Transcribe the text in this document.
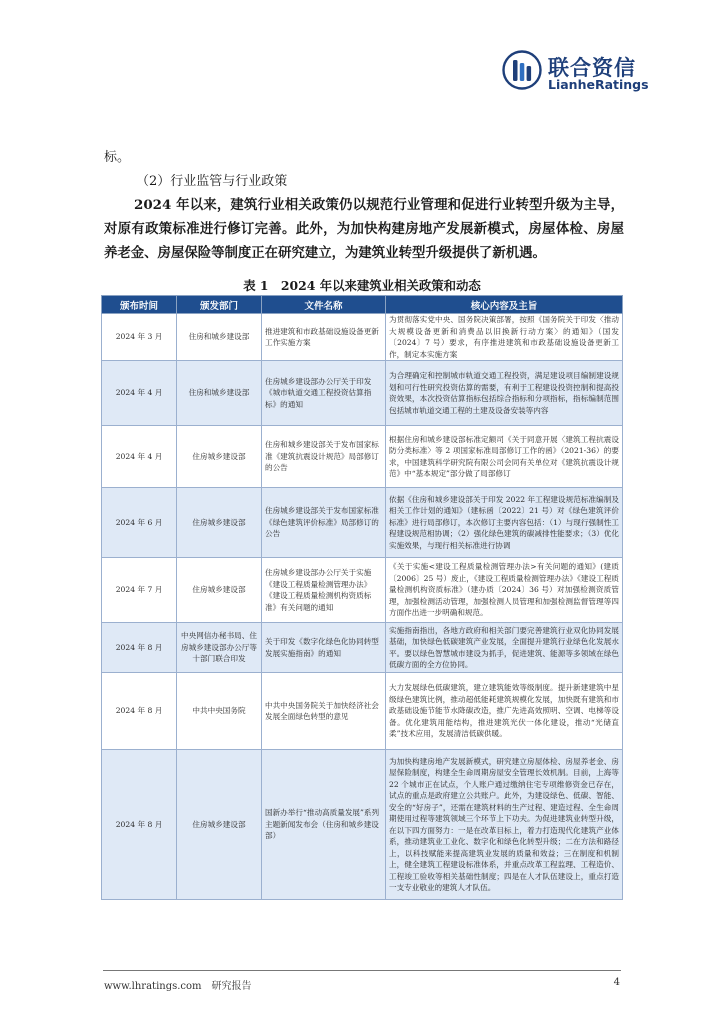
联合资信
LianheRatings
标。
（2）行业监管与行业政策
2024 年以来，建筑行业相关政策仍以规范行业管理和促进行业转型升级为主导，对原有政策标准进行修订完善。此外，为加快构建房地产发展新模式，房屋体检、房屋养老金、房屋保险等制度正在研究建立，为建筑业转型升级提供了新机遇。
表 1　2024 年以来建筑业相关政策和动态
颁布时间	颁发部门	文件名称	核心内容及主旨
2024 年 3 月	住房和城乡建设部	推进建筑和市政基础设施设备更新工作实施方案	为贯彻落实党中央、国务院决策部署，按照《国务院关于印发〈推动大规模设备更新和消费品以旧换新行动方案〉的通知》（国发〔2024〕7 号）要求，有序推进建筑和市政基础设施设备更新工作，制定本实施方案
2024 年 4 月	住房和城乡建设部	住房城乡建设部办公厅关于印发《城市轨道交通工程投资估算指标》的通知	为合理确定和控制城市轨道交通工程投资，满足建设项目编制建设规划和可行性研究投资估算的需要，有利于工程建设投资控制和提高投资效果，本次投资估算指标包括综合指标和分项指标，指标编制范围包括城市轨道交通工程的土建及设备安装等内容
2024 年 4 月	住房城乡建设部	住房和城乡建设部关于发布国家标准《建筑抗震设计规范》局部修订的公告	根据住房和城乡建设部标准定额司《关于同意开展〈建筑工程抗震设防分类标准〉等 2 项国家标准局部修订工作的函》（2021-36）的要求，中国建筑科学研究院有限公司会同有关单位对《建筑抗震设计规范》中“基本规定”部分做了局部修订
2024 年 6 月	住房城乡建设部	住房城乡建设部关于发布国家标准《绿色建筑评价标准》局部修订的公告	依据《住房和城乡建设部关于印发 2022 年工程建设规范标准编制及相关工作计划的通知》（建标函〔2022〕21 号）对《绿色建筑评价标准》进行局部修订，本次修订主要内容包括：（1）与现行强制性工程建设规范相协调；（2）强化绿色建筑的碳减排性能要求；（3）优化实施效果，与现行相关标准进行协调
2024 年 7 月	住房城乡建设部	住房城乡建设部办公厅关于实施《建设工程质量检测管理办法》《建设工程质量检测机构资质标准》有关问题的通知	《关于实施<建设工程质量检测管理办法>有关问题的通知》(建质〔2006〕25 号）废止，《建设工程质量检测管理办法》《建设工程质量检测机构资质标准》（建办质〔2024〕36 号）对加强检测资质管理，加强检测活动管理，加强检测人员管理和加强检测监督管理等四方面作出进一步明确和规范。
2024 年 8 月	中央网信办秘书局、住房城乡建设部办公厅等十部门联合印发	关于印发《数字化绿色化协同转型发展实施指南》的通知	实施指南指出，各地方政府和相关部门要完善建筑行业双化协同发展基础，加快绿色低碳建筑产业发展，全面提升建筑行业绿色化发展水平。要以绿色智慧城市建设为抓手，促进建筑、能源等多领域在绿色低碳方面的全方位协同。
2024 年 8 月	中共中央国务院	中共中央国务院关于加快经济社会发展全面绿色转型的意见	大力发展绿色低碳建筑，建立建筑能效等级制度。提升新建建筑中星级绿色建筑比例，推动超低能耗建筑规模化发展，加快既有建筑和市政基础设施节能节水降碳改造，推广先进高效照明、空调、电梯等设备。优化建筑用能结构，推进建筑光伏一体化建设，推动“光储直柔”技术应用，发展清洁低碳供暖。
2024 年 8 月	住房城乡建设部	国新办举行“推动高质量发展”系列主题新闻发布会（住房和城乡建设部）	为加快构建房地产发展新模式，研究建立房屋体检、房屋养老金、房屋保险制度，构建全生命周期房屋安全管理长效机制。目前，上海等 22 个城市正在试点，个人账户通过缴纳住宅专项维修资金已存在，试点的重点是政府建立公共账户。此外，为建设绿色、低碳、智能、安全的“好房子”，还需在建筑材料的生产过程、建造过程、全生命周期使用过程等建筑领域三个环节上下功夫。为促进建筑业转型升级，在以下四方面努力：一是在改革目标上，着力打造现代化建筑产业体系，推动建筑业工业化、数字化和绿色化转型升级；二在方法和路径上，以科技赋能来提高建筑业发展的质量和效益；三在制度和机制上，健全建筑工程建设标准体系，并重点改革工程监理、工程造价、工程竣工验收等相关基础性制度；四是在人才队伍建设上，重点打造一支专业敬业的建筑人才队伍。
www.lhratings.com　研究报告	4
